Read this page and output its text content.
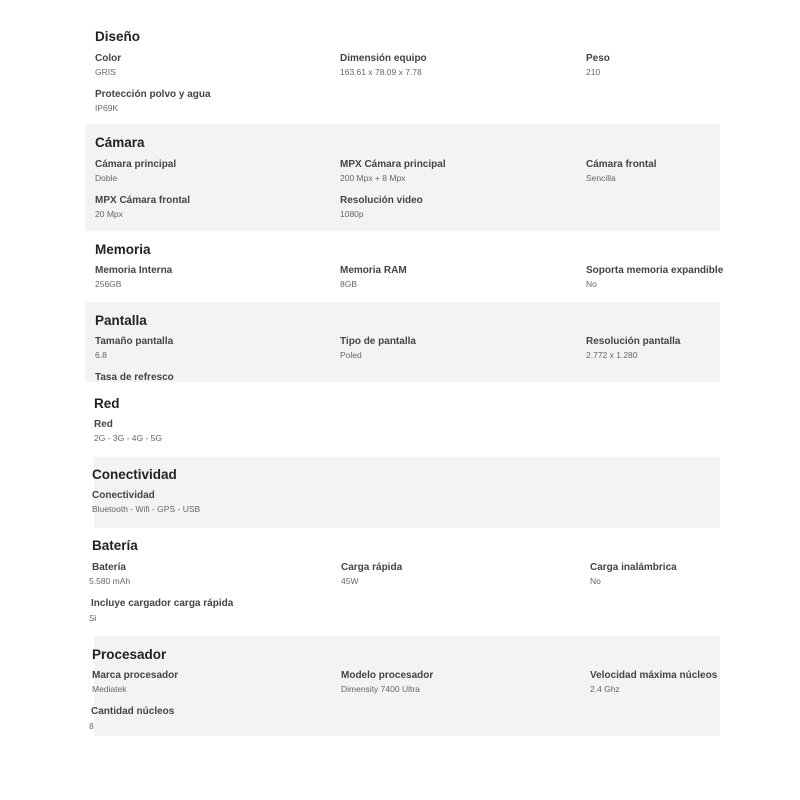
Diseño
Color
GRIS
Dimensión equipo
163.61 x 78.09 x 7.78
Peso
210
Protección polvo y agua
IP69K
Cámara
Cámara principal
Doble
MPX Cámara principal
200 Mpx + 8 Mpx
Cámara frontal
Sencilla
MPX Cámara frontal
20 Mpx
Resolución video
1080p
Memoria
Memoria Interna
256GB
Memoria RAM
8GB
Soporta memoria expandible
No
Pantalla
Tamaño pantalla
6.8
Tipo de pantalla
Poled
Resolución pantalla
2.772 x 1.280
Tasa de refresco
Red
Red
2G - 3G - 4G - 5G
Conectividad
Conectividad
Bluetooth - Wifi - GPS - USB
Batería
Batería
5.580 mAh
Carga rápida
45W
Carga inalámbrica
No
Incluye cargador carga rápida
Si
Procesador
Marca procesador
Mediatek
Modelo procesador
Dimensity 7400 Ultra
Velocidad máxima núcleos
2.4 Ghz
Cantidad núcleos
8
